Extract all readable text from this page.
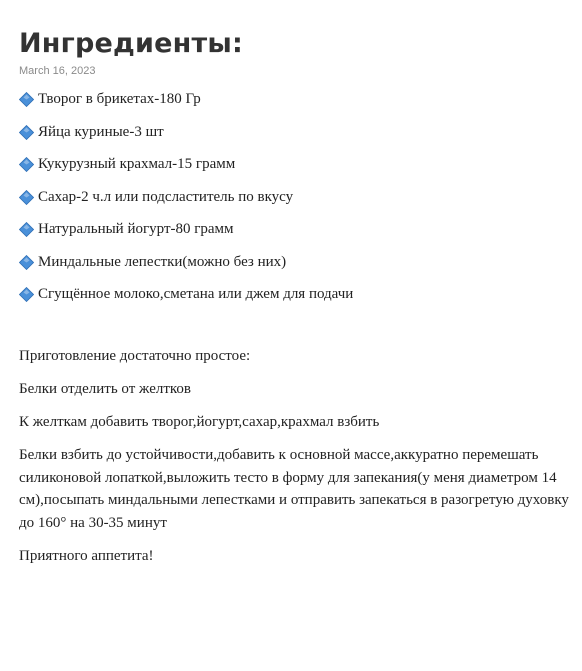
Ингредиенты:
March 16, 2023
Творог в брикетах-180 Гр
Яйца куриные-3 шт
Кукурузный крахмал-15 грамм
Сахар-2 ч.л или подсластитель по вкусу
Натуральный йогурт-80 грамм
Миндальные лепестки(можно без них)
Сгущённое молоко,сметана или джем для подачи

Приготовление достаточно простое:

Белки отделить от желтков

К желткам добавить творог,йогурт,сахар,крахмал взбить

Белки взбить до устойчивости,добавить к основной массе,аккуратно перемешать силиконовой лопаткой,выложить тесто в форму для запекания(у меня диаметром 14 см),посыпать миндальными лепестками и отправить запекаться в разогретую духовку до 160° на 30-35 минут

Приятного аппетита!
